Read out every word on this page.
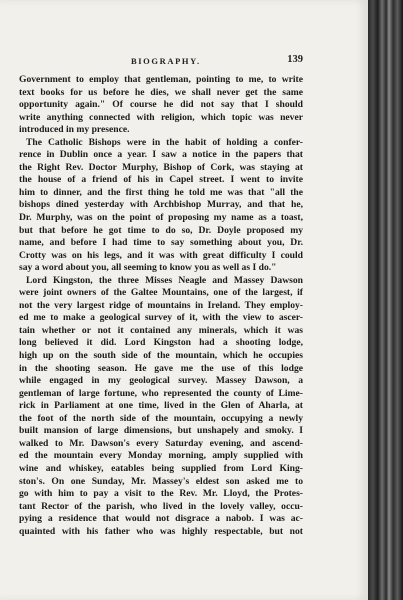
BIOGRAPHY.	139
Government to employ that gentleman, pointing to me, to write
text books for us before he dies, we shall never get the same
opportunity again." Of course he did not say that I should
write anything connected with religion, which topic was never
introduced in my presence.
The Catholic Bishops were in the habit of holding a confer-
rence in Dublin once a year. I saw a notice in the papers that
the Right Rev. Doctor Murphy, Bishop of Cork, was staying at
the house of a friend of his in Capel street. I went to invite
him to dinner, and the first thing he told me was that "all the
bishops dined yesterday with Archbishop Murray, and that he,
Dr. Murphy, was on the point of proposing my name as a toast,
but that before he got time to do so, Dr. Doyle proposed my
name, and before I had time to say something about you, Dr.
Crotty was on his legs, and it was with great difficulty I could
say a word about you, all seeming to know you as well as I do."
Lord Kingston, the three Misses Neagle and Massey Dawson
were joint owners of the Galtee Mountains, one of the largest, if
not the very largest ridge of mountains in Ireland. They employ-
ed me to make a geological survey of it, with the view to ascer-
tain whether or not it contained any minerals, which it was
long believed it did. Lord Kingston had a shooting lodge,
high up on the south side of the mountain, which he occupies
in the shooting season. He gave me the use of this lodge
while engaged in my geological survey. Massey Dawson, a
gentleman of large fortune, who represented the county of Lime-
rick in Parliament at one time, lived in the Glen of Aharla, at
the foot of the north side of the mountain, occupying a newly
built mansion of large dimensions, but unshapely and smoky. I
walked to Mr. Dawson's every Saturday evening, and ascend-
ed the mountain every Monday morning, amply supplied with
wine and whiskey, eatables being supplied from Lord King-
ston's. On one Sunday, Mr. Massey's eldest son asked me to
go with him to pay a visit to the Rev. Mr. Lloyd, the Protes-
tant Rector of the parish, who lived in the lovely valley, occu-
pying a residence that would not disgrace a nabob. I was ac-
quainted with his father who was highly respectable, but not
